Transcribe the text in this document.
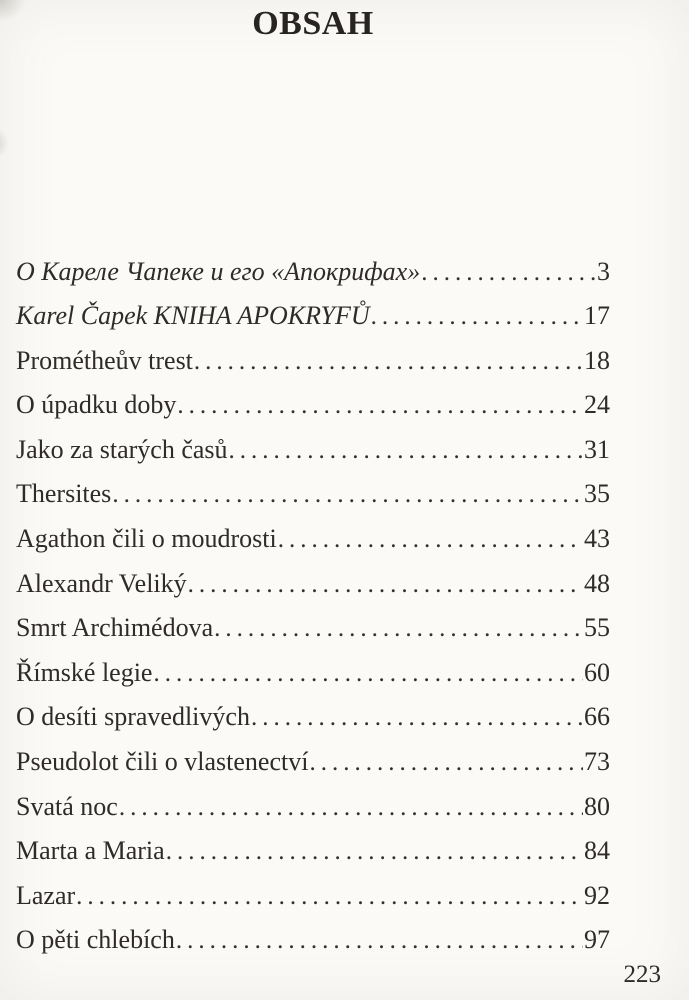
OBSAH
О Кареле Чапеке и его «Апокрифах» .....	3
Karel Čapek KNIHA APOKRYFŮ .....	17
Prométheův trest .....	18
O úpadku doby .....	24
Jako za starých časů .....	31
Thersites .....	35
Agathon čili o moudrosti .....	43
Alexandr Veliký .....	48
Smrt Archimédova .....	55
Římské legie .....	60
O desíti spravedlivých .....	66
Pseudolot čili o vlastenectví .....	73
Svatá noc .....	80
Marta a Maria .....	84
Lazar .....	92
O pěti chlebích .....	97
223
